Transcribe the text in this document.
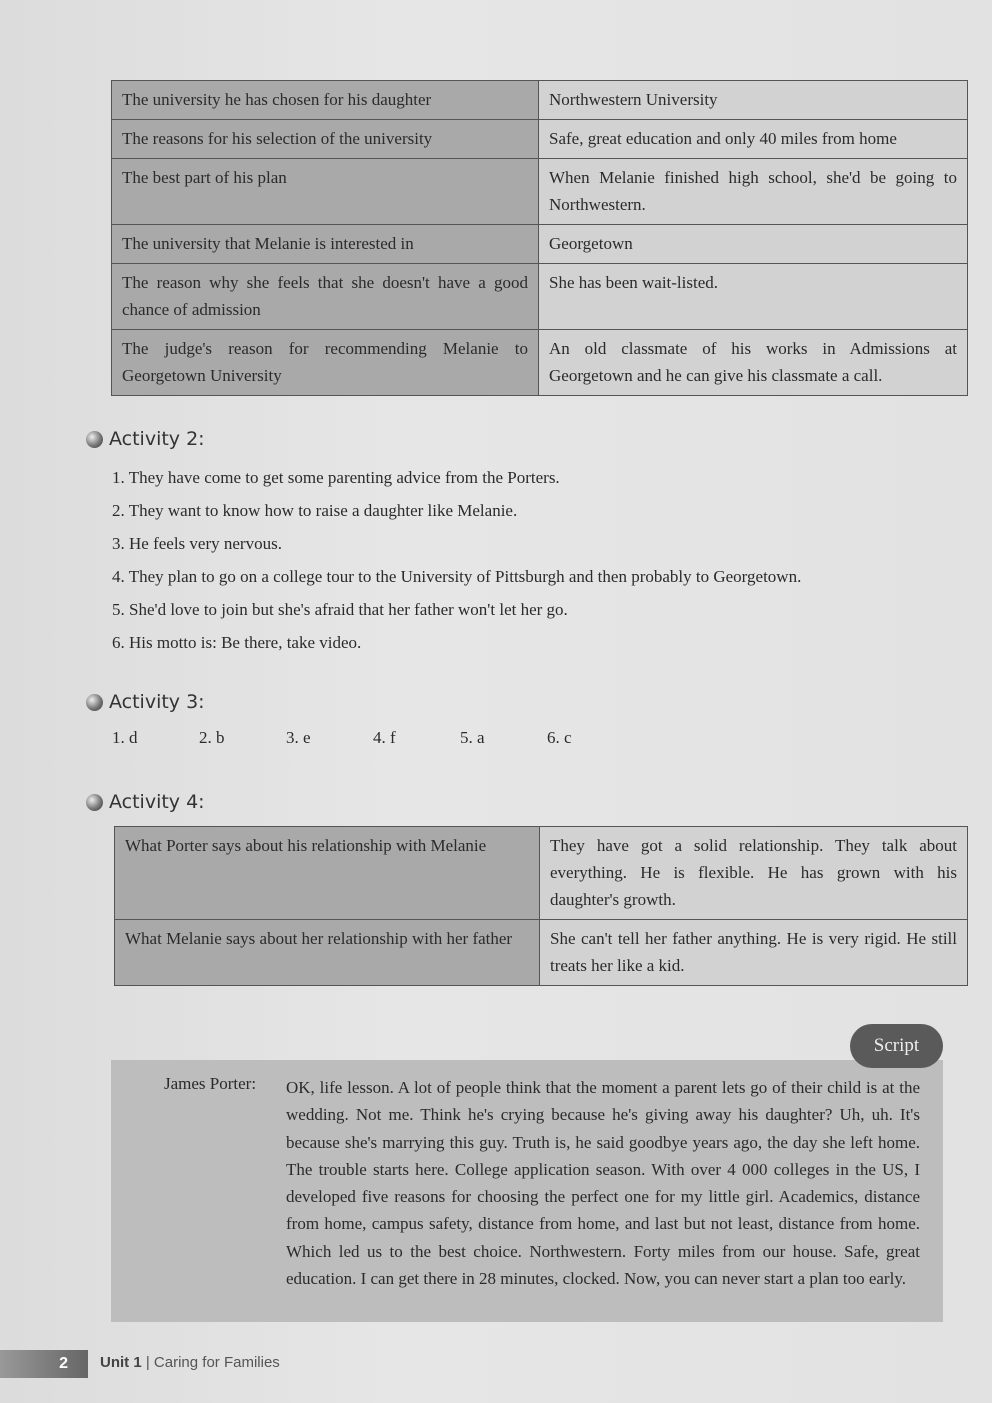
The university he has chosen for his daughter	Northwestern University
The reasons for his selection of the university	Safe, great education and only 40 miles from home
The best part of his plan	When Melanie finished high school, she'd be going to Northwestern.
The university that Melanie is interested in	Georgetown
The reason why she feels that she doesn't have a good chance of admission	She has been wait-listed.
The judge's reason for recommending Melanie to Georgetown University	An old classmate of his works in Admissions at Georgetown and he can give his classmate a call.
Activity 2:
1. They have come to get some parenting advice from the Porters.
2. They want to know how to raise a daughter like Melanie.
3. He feels very nervous.
4. They plan to go on a college tour to the University of Pittsburgh and then probably to Georgetown.
5. She'd love to join but she's afraid that her father won't let her go.
6. His motto is: Be there, take video.
Activity 3:
1. d	2. b	3. e	4. f	5. a	6. c
Activity 4:
What Porter says about his relationship with Melanie	They have got a solid relationship. They talk about everything. He is flexible. He has grown with his daughter's growth.
What Melanie says about her relationship with her father	She can't tell her father anything. He is very rigid. He still treats her like a kid.
Script
James Porter: OK, life lesson. A lot of people think that the moment a parent lets go of their child is at the wedding. Not me. Think he's crying because he's giving away his daughter? Uh, uh. It's because she's marrying this guy. Truth is, he said goodbye years ago, the day she left home. The trouble starts here. College application season. With over 4 000 colleges in the US, I developed five reasons for choosing the perfect one for my little girl. Academics, distance from home, campus safety, distance from home, and last but not least, distance from home. Which led us to the best choice. Northwestern. Forty miles from our house. Safe, great education. I can get there in 28 minutes, clocked. Now, you can never start a plan too early.
2	Unit 1 | Caring for Families
